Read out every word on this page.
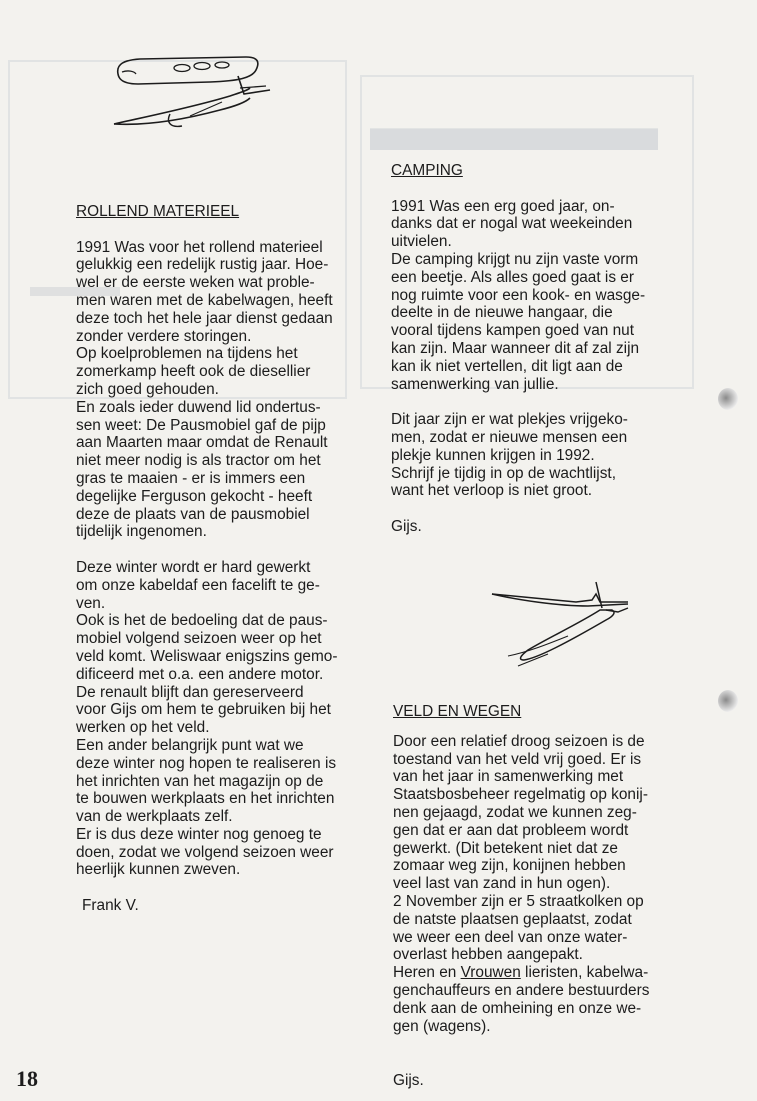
▬▬▬▬
▬▬▬

ROLLEND MATERIEEL

1991 Was voor het rollend materieel
gelukkig een redelijk rustig jaar. Hoe-
wel er de eerste weken wat proble-
men waren met de kabelwagen, heeft
deze toch het hele jaar dienst gedaan
zonder verdere storingen.

Op koelproblemen na tijdens het
zomerkamp heeft ook de diesellier
zich goed gehouden.

En zoals ieder duwend lid ondertus-
sen weet: De Pausmobiel gaf de pijp
aan Maarten maar omdat de Renault
niet meer nodig is als tractor om het
gras te maaien - er is immers een
degelijke Ferguson gekocht - heeft
deze de plaats van de pausmobiel
tijdelijk ingenomen.

Deze winter wordt er hard gewerkt
om onze kabeldaf een facelift te ge-
ven.

Ook is het de bedoeling dat de paus-
mobiel volgend seizoen weer op het
veld komt. Weliswaar enigszins gemo-
dificeerd met o.a. een andere motor.

De renault blijft dan gereserveerd
voor Gijs om hem te gebruiken bij het
werken op het veld.

Een ander belangrijk punt wat we
deze winter nog hopen te realiseren is
het inrichten van het magazijn op de
te bouwen werkplaats en het inrichten
van de werkplaats zelf.

Er is dus deze winter nog genoeg te
doen, zodat we volgend seizoen weer
heerlijk kunnen zweven.

Frank V.

CAMPING

1991 Was een erg goed jaar, on-
danks dat er nogal wat weekeinden
uitvielen.

De camping krijgt nu zijn vaste vorm
een beetje. Als alles goed gaat is er
nog ruimte voor een kook- en wasge-
deelte in de nieuwe hangaar, die
vooral tijdens kampen goed van nut
kan zijn. Maar wanneer dit af zal zijn
kan ik niet vertellen, dit ligt aan de
samenwerking van jullie.

Dit jaar zijn er wat plekjes vrijgeko-
men, zodat er nieuwe mensen een
plekje kunnen krijgen in 1992.

Schrijf je tijdig in op de wachtlijst,
want het verloop is niet groot.

Gijs.

VELD EN WEGEN

Door een relatief droog seizoen is de
toestand van het veld vrij goed. Er is
van het jaar in samenwerking met
Staatsbosbeheer regelmatig op konij-
nen gejaagd, zodat we kunnen zeg-
gen dat er aan dat probleem wordt
gewerkt. (Dit betekent niet dat ze
zomaar weg zijn, konijnen hebben
veel last van zand in hun ogen).

2 November zijn er 5 straatkolken op
de natste plaatsen geplaatst, zodat
we weer een deel van onze water-
overlast hebben aangepakt.

Heren en Vrouwen lieristen, kabelwa-
genchauffeurs en andere bestuurders
denk aan de omheining en onze we-
gen (wagens).

18	Gijs.
